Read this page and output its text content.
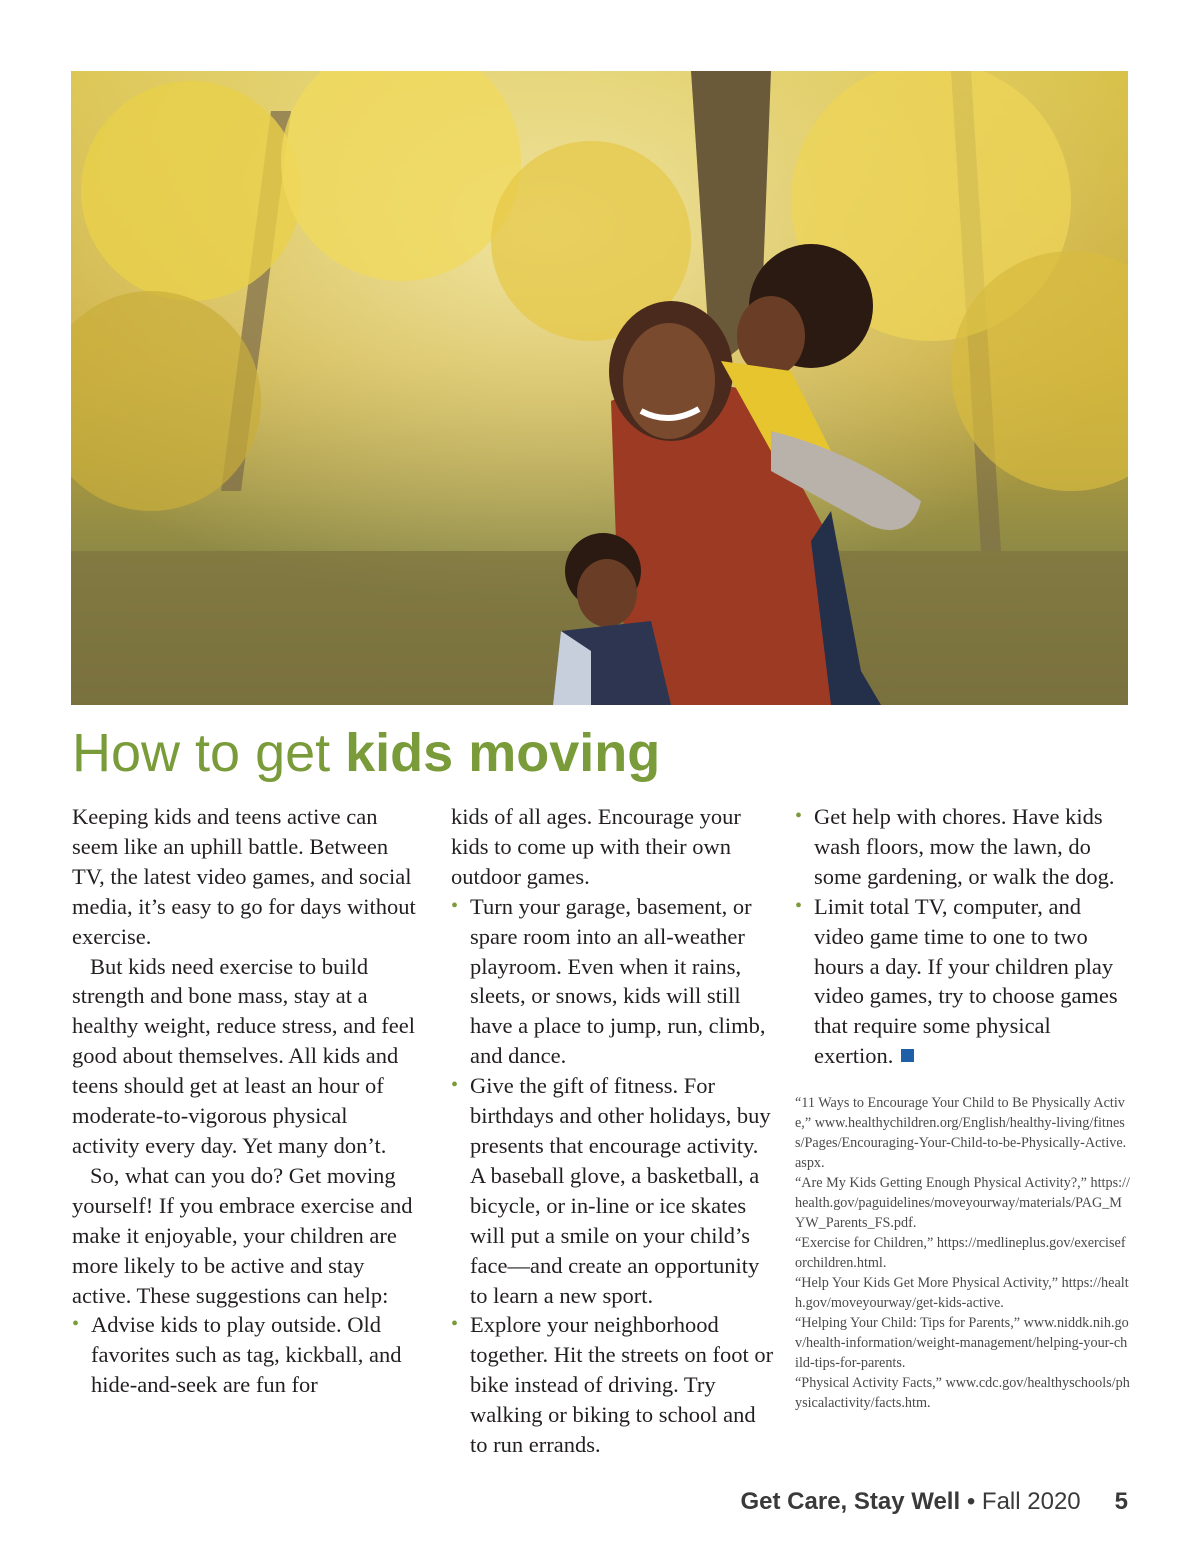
How to get kids moving

Keeping kids and teens active can seem like an uphill battle. Between TV, the latest video games, and social media, it’s easy to go for days without exercise.

But kids need exercise to build strength and bone mass, stay at a healthy weight, reduce stress, and feel good about themselves. All kids and teens should get at least an hour of moderate-to-vigorous physical activity every day. Yet many don’t.

So, what can you do? Get moving yourself! If you embrace exercise and make it enjoyable, your children are more likely to be active and stay active. These suggestions can help:

• Advise kids to play outside. Old favorites such as tag, kickball, and hide-and-seek are fun for
kids of all ages. Encourage your kids to come up with their own outdoor games.
• Turn your garage, basement, or spare room into an all-weather playroom. Even when it rains, sleets, or snows, kids will still have a place to jump, run, climb, and dance.
• Give the gift of fitness. For birthdays and other holidays, buy presents that encourage activity. A baseball glove, a basketball, a bicycle, or in-line or ice skates will put a smile on your child’s face—and create an opportunity to learn a new sport.
• Explore your neighborhood together. Hit the streets on foot or bike instead of driving. Try walking or biking to school and to run errands.
• Get help with chores. Have kids wash floors, mow the lawn, do some gardening, or walk the dog.
• Limit total TV, computer, and video game time to one to two hours a day. If your children play video games, try to choose games that require some physical exertion.

“11 Ways to Encourage Your Child to Be Physically Active,” www.healthychildren.org/English/healthy-living/fitness/Pages/Encouraging-Your-Child-to-be-Physically-Active.aspx.

“Are My Kids Getting Enough Physical Activity?,” https://health.gov/paguidelines/moveyourway/materials/PAG_MYW_Parents_FS.pdf.

“Exercise for Children,” https://medlineplus.gov/exerciseforchildren.html.

“Help Your Kids Get More Physical Activity,” https://health.gov/moveyourway/get-kids-active.

“Helping Your Child: Tips for Parents,” www.niddk.nih.gov/health-information/weight-management/helping-your-child-tips-for-parents.

“Physical Activity Facts,” www.cdc.gov/healthyschools/physicalactivity/facts.htm.

Get Care, Stay Well • Fall 2020 5
